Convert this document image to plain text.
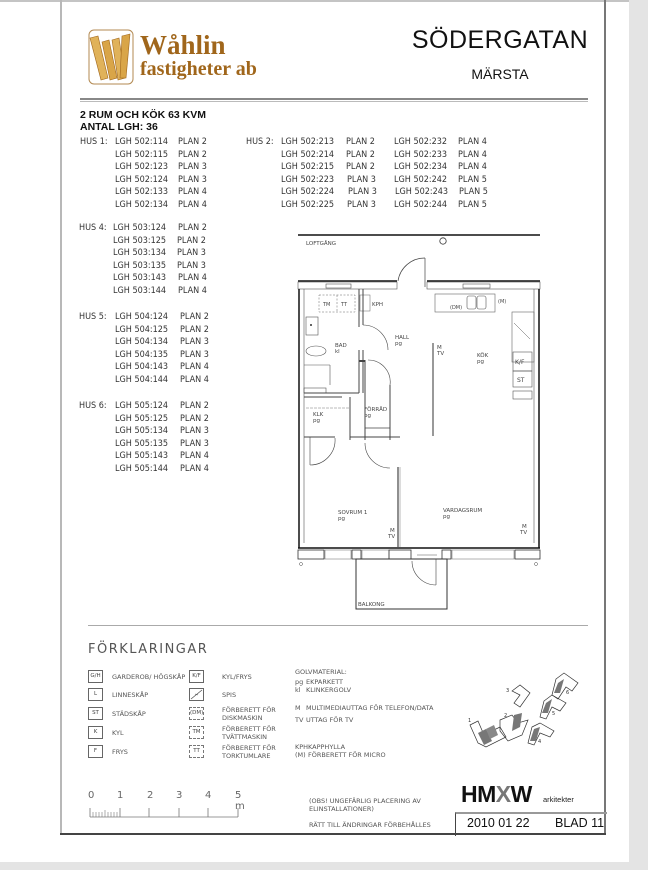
Wåhlin
fastigheter ab
SÖDERGATAN
MÄRSTA
2 RUM OCH KÖK 63 KVM
ANTAL LGH: 36
HUS 1: LGH 502:114 PLAN 2
LGH 502:115 PLAN 2
LGH 502:123 PLAN 3
LGH 502:124 PLAN 3
LGH 502:133 PLAN 4
LGH 502:134 PLAN 4
HUS 2: LGH 502:213 PLAN 2 LGH 502:232 PLAN 4
LGH 502:214 PLAN 2 LGH 502:233 PLAN 4
LGH 502:215 PLAN 2 LGH 502:234 PLAN 4
LGH 502:223 PLAN 3 LGH 502:242 PLAN 5
LGH 502:224 PLAN 3 LGH 502:243 PLAN 5
LGH 502:225 PLAN 3 LGH 502:244 PLAN 5
HUS 4: LGH 503:124 PLAN 2
LGH 503:125 PLAN 2
LGH 503:134 PLAN 3
LGH 503:135 PLAN 3
LGH 503:143 PLAN 4
LGH 503:144 PLAN 4
HUS 5: LGH 504:124 PLAN 2
LGH 504:125 PLAN 2
LGH 504:134 PLAN 3
LGH 504:135 PLAN 3
LGH 504:143 PLAN 4
LGH 504:144 PLAN 4
HUS 6: LGH 505:124 PLAN 2
LGH 505:125 PLAN 2
LGH 505:134 PLAN 3
LGH 505:135 PLAN 3
LGH 505:143 PLAN 4
LGH 505:144 PLAN 4
LOFTGÅNG
TM TT	KPH
BAD
kl
HALL
pg
M
TV
(DM)
(M)
KÖK
pg	K/F
ST
FÖRRÅD
pg
KLK
pg
SOVRUM 1
pg
M
TV
VARDAGSRUM
pg
M
TV
BALKONG
FÖRKLARINGAR
G/H	GARDEROB/ HÖGSKÅP
L	LINNESKÅP
ST	STÄDSKÅP
K	KYL
F	FRYS
K/F	KYL/FRYS
SPIS
(DM)	FÖRBERETT FÖR
DISKMASKIN
TM	FÖRBERETT FÖR
TVÄTTMASKIN
TT	FÖRBERETT FÖR
TORKTUMLARE
GOLVMATERIAL:
pg EKPARKETT
kl KLINKERGOLV
M MULTIMEDIAUTTAG FÖR TELEFON/DATA
TV UTTAG FÖR TV
KPH KAPPHYLLA
(M) FÖRBERETT FÖR MICRO
1
2
3
4
5
6
0 1 2 3 4 5 m	(OBS! UNGEFÄRLIG PLACERING AV
ELINSTALLATIONER)
RÄTT TILL ÄNDRINGAR FÖRBEHÅLLES
HMXW arkitekter
2010 01 22 BLAD 11
